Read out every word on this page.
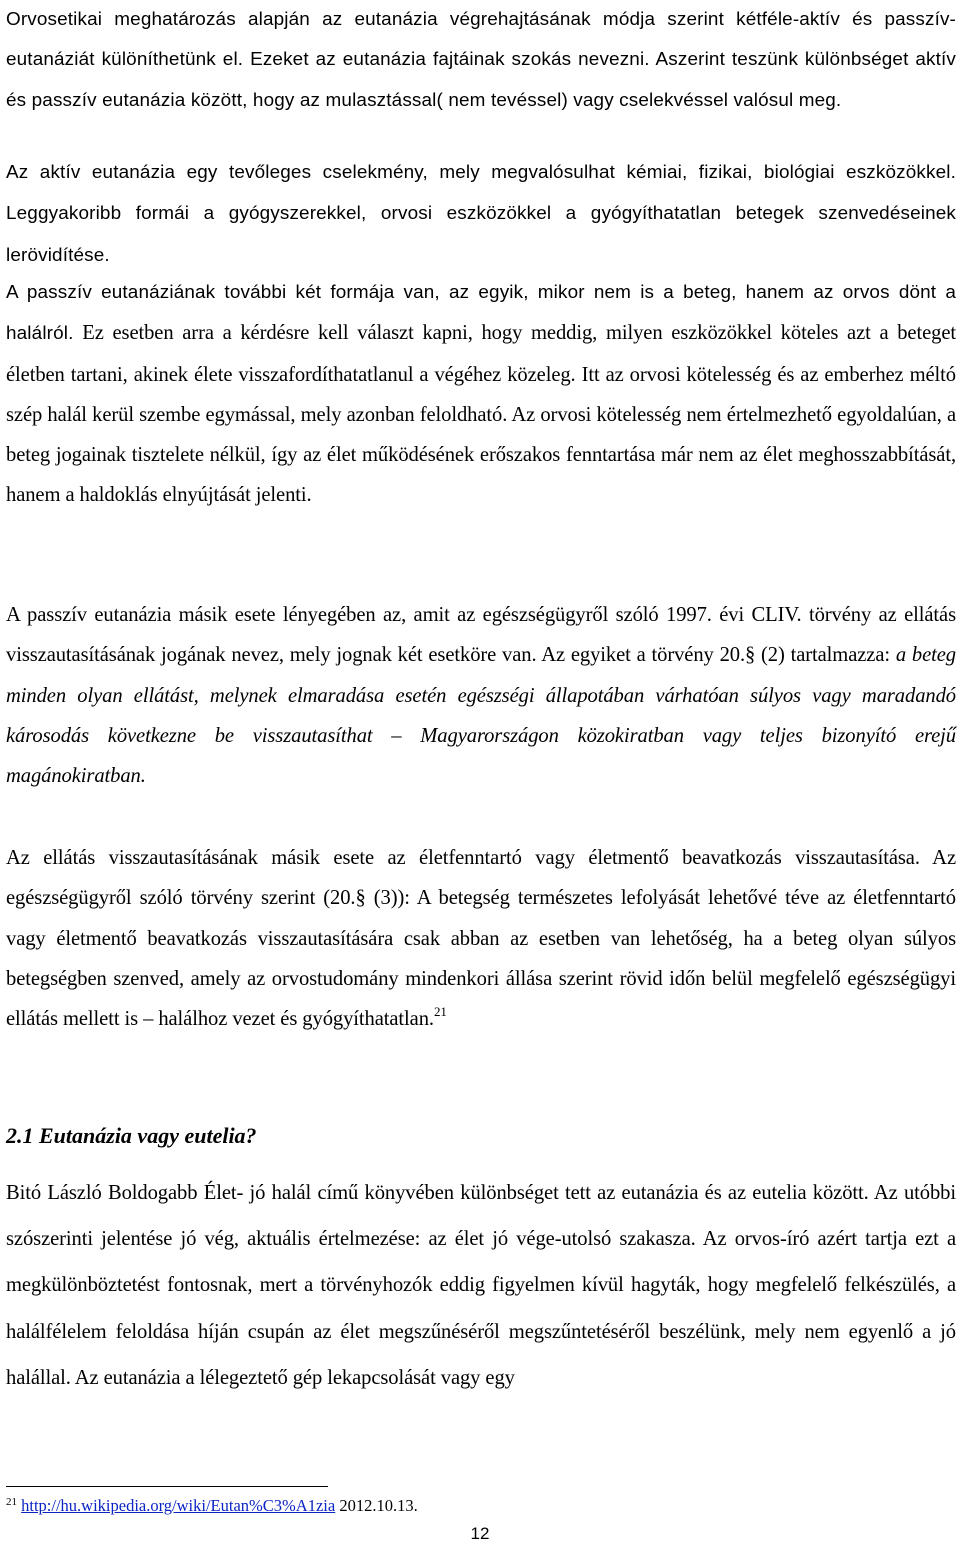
Orvosetikai meghatározás alapján az eutanázia végrehajtásának módja szerint kétféle-aktív és passzív- eutanáziát különíthetünk el. Ezeket az eutanázia fajtáinak szokás nevezni. Aszerint teszünk különbséget aktív és passzív eutanázia között, hogy az mulasztással( nem tevéssel) vagy cselekvéssel valósul meg.

Az aktív eutanázia egy tevőleges cselekmény, mely megvalósulhat kémiai, fizikai, biológiai eszközökkel. Leggyakoribb formái a gyógyszerekkel, orvosi eszközökkel a gyógyíthatatlan betegek szenvedéseinek lerövidítése.

A passzív eutanáziának további két formája van, az egyik, mikor nem is a beteg, hanem az orvos dönt a halálról. Ez esetben arra a kérdésre kell választ kapni, hogy meddig, milyen eszközökkel köteles azt a beteget életben tartani, akinek élete visszafordíthatatlanul a végéhez közeleg. Itt az orvosi kötelesség és az emberhez méltó szép halál kerül szembe egymással, mely azonban feloldható. Az orvosi kötelesség nem értelmezhető egyoldalúan, a beteg jogainak tisztelete nélkül, így az élet működésének erőszakos fenntartása már nem az élet meghosszabbítását, hanem a haldoklás elnyújtását jelenti.

A passzív eutanázia másik esete lényegében az, amit az egészségügyről szóló 1997. évi CLIV. törvény az ellátás visszautasításának jogának nevez, mely jognak két esetköre van. Az egyiket a törvény 20.§ (2) tartalmazza: a beteg minden olyan ellátást, melynek elmaradása esetén egészségi állapotában várhatóan súlyos vagy maradandó károsodás következne be visszautasíthat – Magyarországon közokiratban vagy teljes bizonyító erejű magánokiratban.

Az ellátás visszautasításának másik esete az életfenntartó vagy életmentő beavatkozás visszautasítása. Az egészségügyről szóló törvény szerint (20.§ (3)): A betegség természetes lefolyását lehetővé téve az életfenntartó vagy életmentő beavatkozás visszautasítására csak abban az esetben van lehetőség, ha a beteg olyan súlyos betegségben szenved, amely az orvostudomány mindenkori állása szerint rövid időn belül megfelelő egészségügyi ellátás mellett is – halálhoz vezet és gyógyíthatatlan.$^{21}$

2.1 Eutanázia vagy eutelia?

Bitó László Boldogabb Élet- jó halál című könyvében különbséget tett az eutanázia és az eutelia között. Az utóbbi szószerinti jelentése jó vég, aktuális értelmezése: az élet jó vége-utolsó szakasza. Az orvos-író azért tartja ezt a megkülönböztetést fontosnak, mert a törvényhozók eddig figyelmen kívül hagyták, hogy megfelelő felkészülés, a halálfélelem feloldása híján csupán az élet megszűnéséről megszűntetéséről beszélünk, mely nem egyenlő a jó halállal. Az eutanázia a lélegeztető gép lekapcsolását vagy egy

$^{21}$ http://hu.wikipedia.org/wiki/Eutan%C3%A1zia 2012.10.13.
12
